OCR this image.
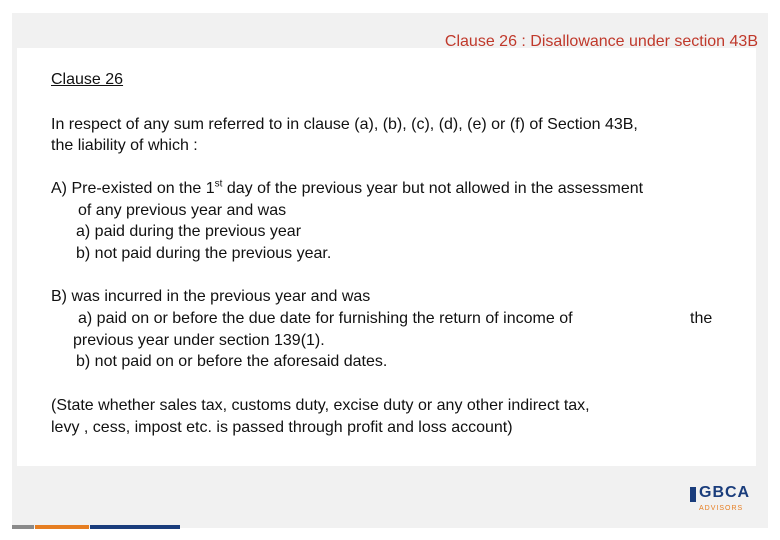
Clause 26 : Disallowance under section 43B
Clause 26
In respect of any sum referred to in clause (a), (b), (c), (d), (e) or (f) of Section 43B,
the liability of which :
A) Pre-existed on the 1st day of the previous year but not allowed in the assessment
of any previous year and was
a) paid during the previous year
b) not paid during the previous year.
B) was incurred in the previous year and was
a) paid on or before the due date for furnishing the return of income of	the
previous year under section 139(1).
b) not paid on or before the aforesaid dates.
(State whether sales tax, customs duty, excise duty or any other indirect tax,
levy , cess, impost etc. is passed through profit and loss account)
GBCA
ADVISORS
